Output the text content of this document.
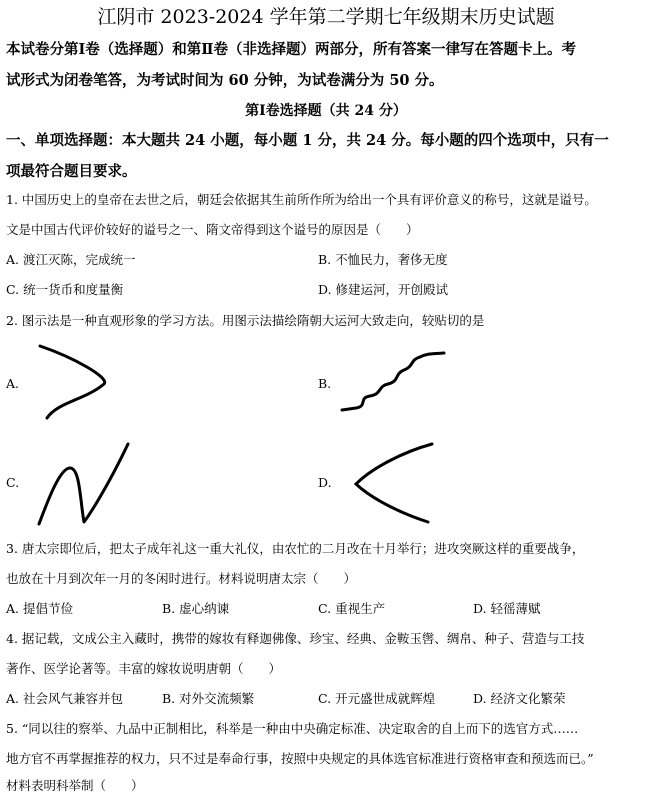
江阴市 2023-2024 学年第二学期七年级期末历史试题
本试卷分第Ⅰ卷（选择题）和第Ⅱ卷（非选择题）两部分，所有答案一律写在答题卡上。考
试形式为闭卷笔答，为考试时间为 60 分钟，为试卷满分为 50 分。
第Ⅰ卷选择题（共 24 分）
一、单项选择题：本大题共 24 小题，每小题 1 分，共 24 分。每小题的四个选项中，只有一
项最符合题目要求。
1. 中国历史上的皇帝在去世之后，朝廷会依据其生前所作所为给出一个具有评价意义的称号，这就是谥号。
文是中国古代评价较好的谥号之一、隋文帝得到这个谥号的原因是（　　）
A. 渡江灭陈，完成统一	B. 不恤民力，奢侈无度
C. 统一货币和度量衡	D. 修建运河，开创殿试
2. 图示法是一种直观形象的学习方法。用图示法描绘隋朝大运河大致走向，较贴切的是
A.	B.
C.	D.
3. 唐太宗即位后，把太子成年礼这一重大礼仪，由农忙的二月改在十月举行；进攻突厥这样的重要战争，
也放在十月到次年一月的冬闲时进行。材料说明唐太宗（　　）
A. 提倡节俭	B. 虚心纳谏	C. 重视生产	D. 轻徭薄赋
4. 据记载，文成公主入藏时，携带的嫁妆有释迦佛像、珍宝、经典、金鞍玉辔、绸帛、种子、营造与工技
著作、医学论著等。丰富的嫁妆说明唐朝（　　）
A. 社会风气兼容并包	B. 对外交流频繁	C. 开元盛世成就辉煌	D. 经济文化繁荣
5. “同以往的察举、九品中正制相比，科举是一种由中央确定标准、决定取舍的自上而下的选官方式……
地方官不再掌握推荐的权力，只不过是奉命行事，按照中央规定的具体选官标准进行资格审查和预选而已。”
材料表明科举制（　　）
